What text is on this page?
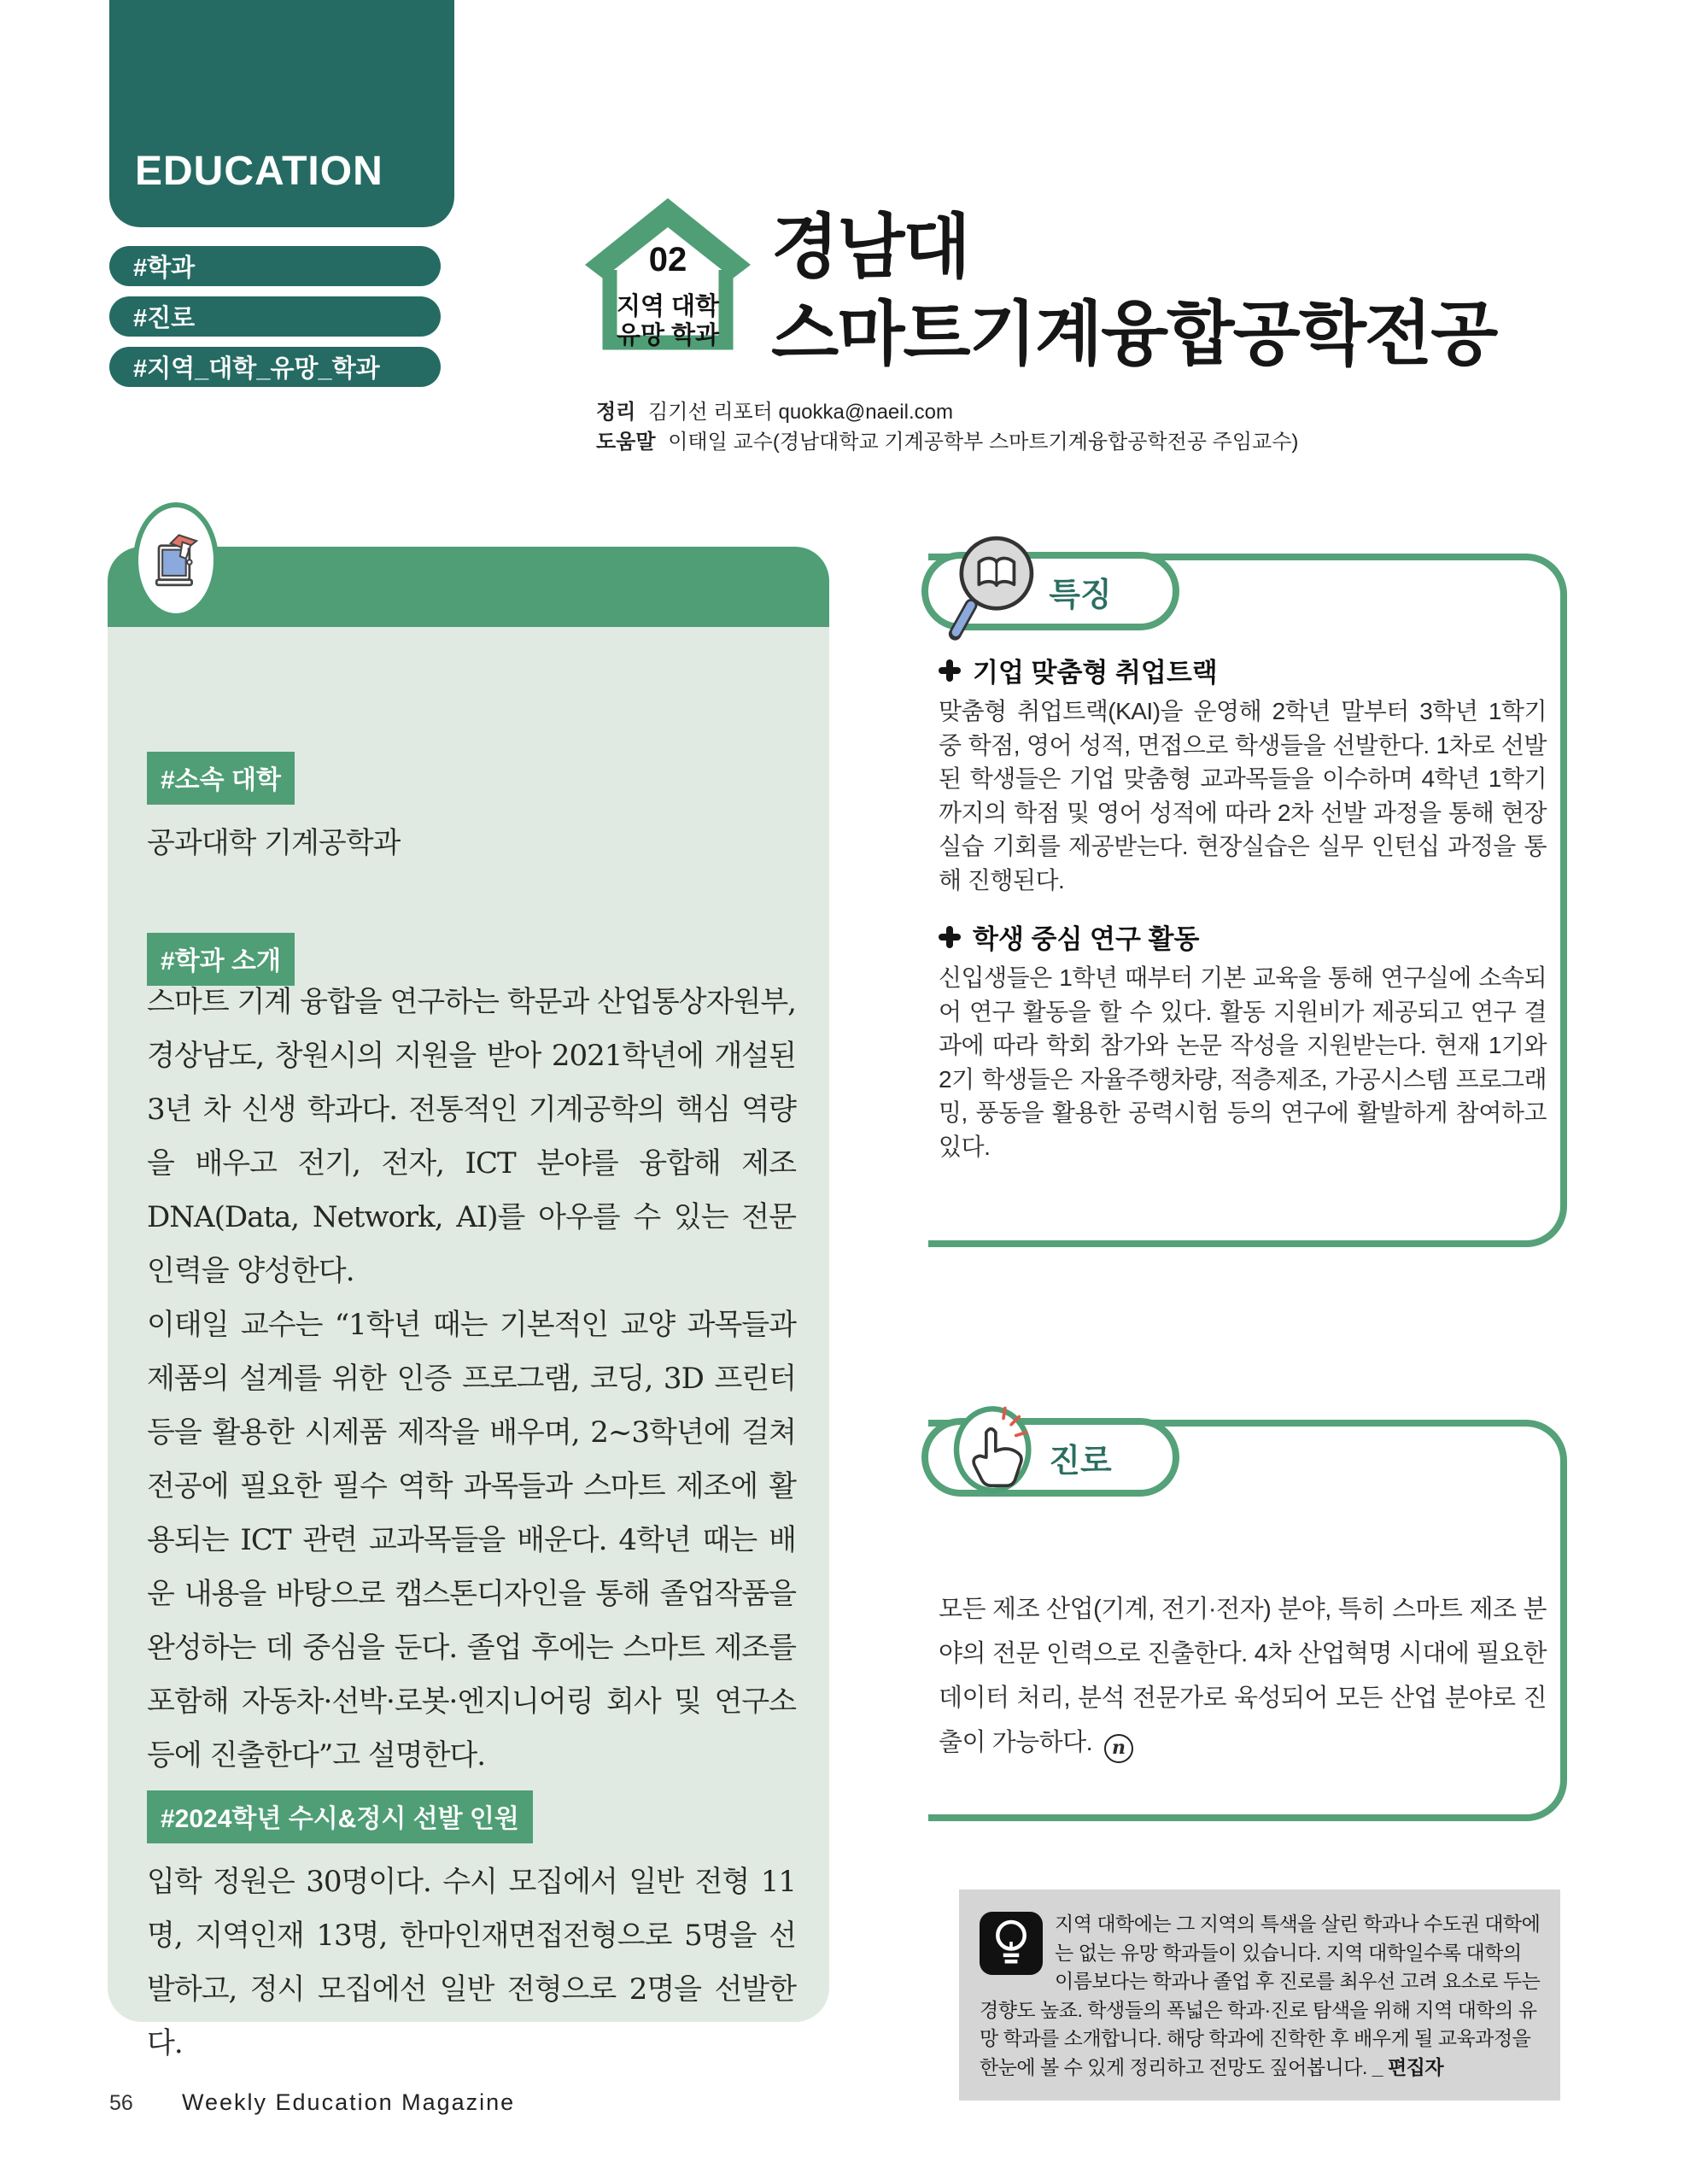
EDUCATION
#학과
#진로
#지역_대학_유망_학과
02
지역 대학
유망 학과
경남대
스마트기계융합공학전공
정리 김기선 리포터 quokka@naeil.com
도움말 이태일 교수(경남대학교 기계공학부 스마트기계융합공학전공 주임교수)
#소속 대학
공과대학 기계공학과
#학과 소개

스마트 기계 융합을 연구하는 학문과 산업통상자원부, 경상남도, 창원시의 지원을 받아 2021학년에 개설된 3년 차 신생 학과다. 전통적인 기계공학의 핵심 역량을 배우고 전기, 전자, ICT 분야를 융합해 제조DNA(Data, Network, AI)를 아우를 수 있는 전문 인력을 양성한다.

이태일 교수는 “1학년 때는 기본적인 교양 과목들과 제품의 설계를 위한 인증 프로그램, 코딩, 3D 프린터 등을 활용한 시제품 제작을 배우며, 2~3학년에 걸쳐 전공에 필요한 필수 역학 과목들과 스마트 제조에 활용되는 ICT 관련 교과목들을 배운다. 4학년 때는 배운 내용을 바탕으로 캡스톤디자인을 통해 졸업작품을 완성하는 데 중심을 둔다. 졸업 후에는 스마트 제조를 포함해 자동차·선박·로봇·엔지니어링 회사 및 연구소 등에 진출한다”고 설명한다.

#2024학년 수시&정시 선발 인원
입학 정원은 30명이다. 수시 모집에서 일반 전형 11명, 지역인재 13명, 한마인재면접전형으로 5명을 선발하고, 정시 모집에선 일반 전형으로 2명을 선발한다.
특징
기업 맞춤형 취업트랙

맞춤형 취업트랙(KAI)을 운영해 2학년 말부터 3학년 1학기 중 학점, 영어 성적, 면접으로 학생들을 선발한다. 1차로 선발된 학생들은 기업 맞춤형 교과목들을 이수하며 4학년 1학기까지의 학점 및 영어 성적에 따라 2차 선발 과정을 통해 현장실습 기회를 제공받는다. 현장실습은 실무 인턴십 과정을 통해 진행된다.

학생 중심 연구 활동

신입생들은 1학년 때부터 기본 교육을 통해 연구실에 소속되어 연구 활동을 할 수 있다. 활동 지원비가 제공되고 연구 결과에 따라 학회 참가와 논문 작성을 지원받는다. 현재 1기와 2기 학생들은 자율주행차량, 적층제조, 가공시스템 프로그래밍, 풍동을 활용한 공력시험 등의 연구에 활발하게 참여하고 있다.

진로
모든 제조 산업(기계, 전기·전자) 분야, 특히 스마트 제조 분야의 전문 인력으로 진출한다. 4차 산업혁명 시대에 필요한 데이터 처리, 분석 전문가로 육성되어 모든 산업 분야로 진출이 가능하다. n
지역 대학에는 그 지역의 특색을 살린 학과나 수도권 대학에는 없는 유망 학과들이 있습니다. 지역 대학일수록 대학의 이름보다는 학과나 졸업 후 진로를 최우선 고려 요소로 두는 경향도 높죠. 학생들의 폭넓은 학과·진로 탐색을 위해 지역 대학의 유망 학과를 소개합니다. 해당 학과에 진학한 후 배우게 될 교육과정을 한눈에 볼 수 있게 정리하고 전망도 짚어봅니다. _ 편집자
56 Weekly Education Magazine
